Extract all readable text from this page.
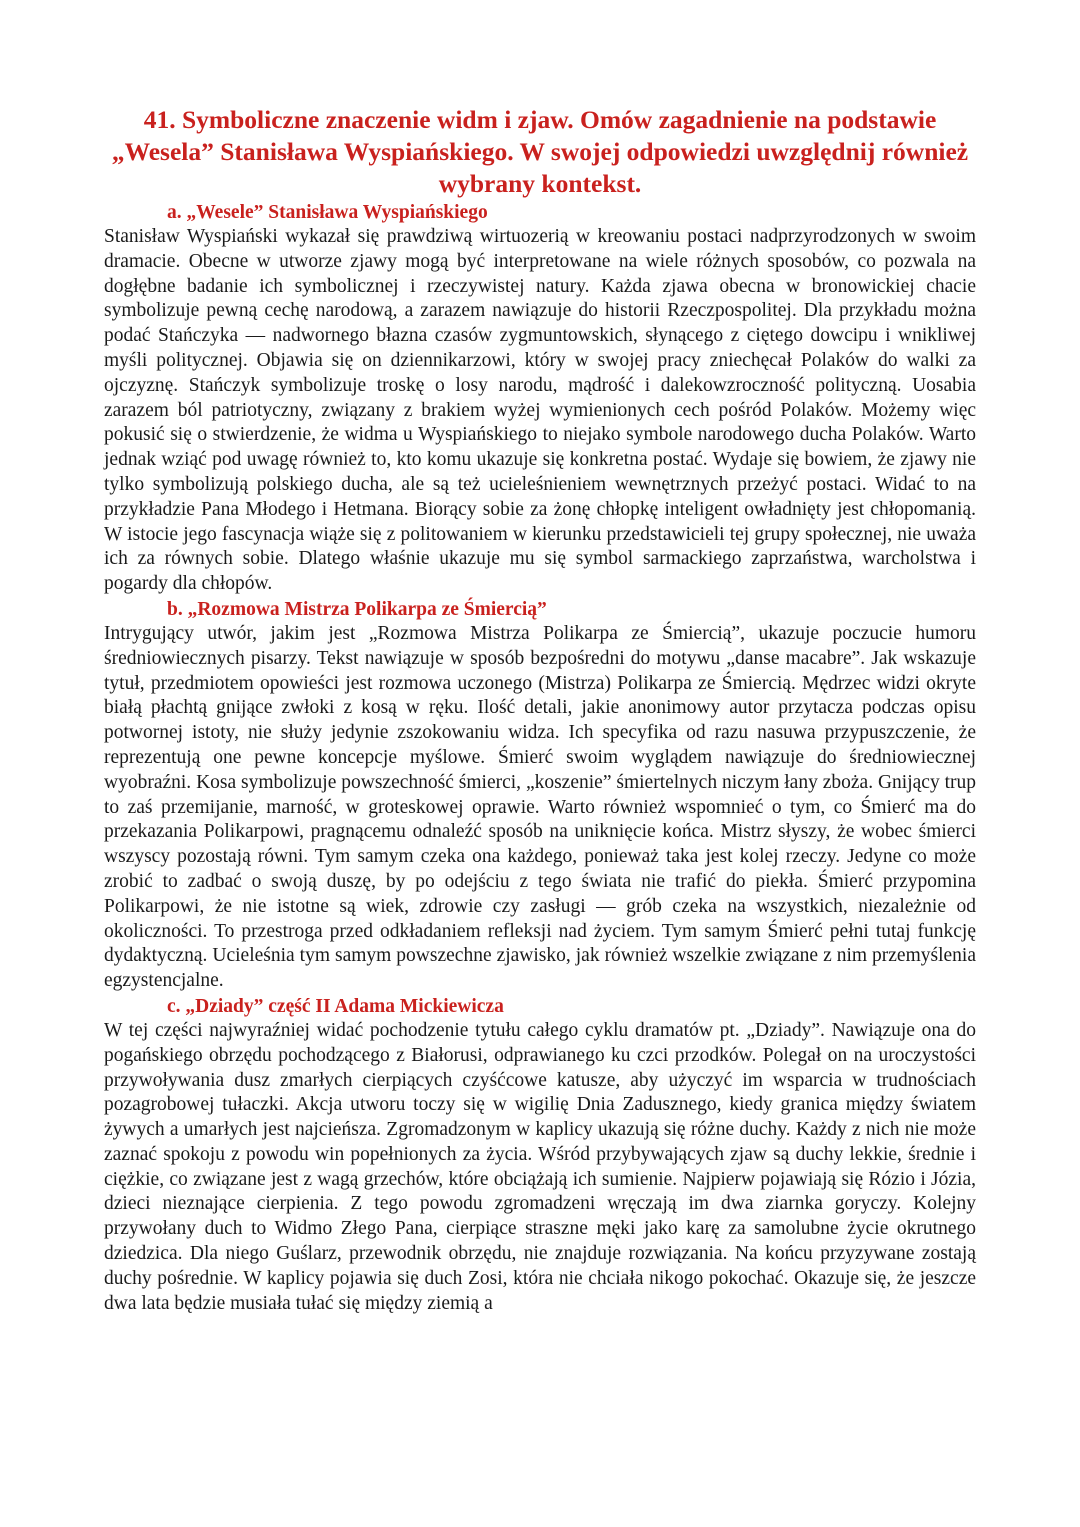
41. Symboliczne znaczenie widm i zjaw. Omów zagadnienie na podstawie „Wesela” Stanisława Wyspiańskiego. W swojej odpowiedzi uwzględnij również wybrany kontekst.
a. „Wesele” Stanisława Wyspiańskiego

Stanisław Wyspiański wykazał się prawdziwą wirtuozerią w kreowaniu postaci nadprzyrodzonych w swoim dramacie. Obecne w utworze zjawy mogą być interpretowane na wiele różnych sposobów, co pozwala na dogłębne badanie ich symbolicznej i rzeczywistej natury. Każda zjawa obecna w bronowickiej chacie symbolizuje pewną cechę narodową, a zarazem nawiązuje do historii Rzeczpospolitej. Dla przykładu można podać Stańczyka — nadwornego błazna czasów zygmuntowskich, słynącego z ciętego dowcipu i wnikliwej myśli politycznej. Objawia się on dziennikarzowi, który w swojej pracy zniechęcał Polaków do walki za ojczyznę. Stańczyk symbolizuje troskę o losy narodu, mądrość i dalekowzroczność polityczną. Uosabia zarazem ból patriotyczny, związany z brakiem wyżej wymienionych cech pośród Polaków. Możemy więc pokusić się o stwierdzenie, że widma u Wyspiańskiego to niejako symbole narodowego ducha Polaków. Warto jednak wziąć pod uwagę również to, kto komu ukazuje się konkretna postać. Wydaje się bowiem, że zjawy nie tylko symbolizują polskiego ducha, ale są też ucieleśnieniem wewnętrznych przeżyć postaci. Widać to na przykładzie Pana Młodego i Hetmana. Biorący sobie za żonę chłopkę inteligent owładnięty jest chłopomanią. W istocie jego fascynacja wiąże się z politowaniem w kierunku przedstawicieli tej grupy społecznej, nie uważa ich za równych sobie. Dlatego właśnie ukazuje mu się symbol sarmackiego zaprzaństwa, warcholstwa i pogardy dla chłopów.

b. „Rozmowa Mistrza Polikarpa ze Śmiercią”

Intrygujący utwór, jakim jest „Rozmowa Mistrza Polikarpa ze Śmiercią”, ukazuje poczucie humoru średniowiecznych pisarzy. Tekst nawiązuje w sposób bezpośredni do motywu „danse macabre”. Jak wskazuje tytuł, przedmiotem opowieści jest rozmowa uczonego (Mistrza) Polikarpa ze Śmiercią. Mędrzec widzi okryte białą płachtą gnijące zwłoki z kosą w ręku. Ilość detali, jakie anonimowy autor przytacza podczas opisu potwornej istoty, nie służy jedynie zszokowaniu widza. Ich specyfika od razu nasuwa przypuszczenie, że reprezentują one pewne koncepcje myślowe. Śmierć swoim wyglądem nawiązuje do średniowiecznej wyobraźni. Kosa symbolizuje powszechność śmierci, „koszenie” śmiertelnych niczym łany zboża. Gnijący trup to zaś przemijanie, marność, w groteskowej oprawie. Warto również wspomnieć o tym, co Śmierć ma do przekazania Polikarpowi, pragnącemu odnaleźć sposób na uniknięcie końca. Mistrz słyszy, że wobec śmierci wszyscy pozostają równi. Tym samym czeka ona każdego, ponieważ taka jest kolej rzeczy. Jedyne co może zrobić to zadbać o swoją duszę, by po odejściu z tego świata nie trafić do piekła. Śmierć przypomina Polikarpowi, że nie istotne są wiek, zdrowie czy zasługi — grób czeka na wszystkich, niezależnie od okoliczności. To przestroga przed odkładaniem refleksji nad życiem. Tym samym Śmierć pełni tutaj funkcję dydaktyczną. Ucieleśnia tym samym powszechne zjawisko, jak również wszelkie związane z nim przemyślenia egzystencjalne.

c. „Dziady” część II Adama Mickiewicza

W tej części najwyraźniej widać pochodzenie tytułu całego cyklu dramatów pt. „Dziady”. Nawiązuje ona do pogańskiego obrzędu pochodzącego z Białorusi, odprawianego ku czci przodków. Polegał on na uroczystości przywoływania dusz zmarłych cierpiących czyśćcowe katusze, aby użyczyć im wsparcia w trudnościach pozagrobowej tułaczki. Akcja utworu toczy się w wigilię Dnia Zadusznego, kiedy granica między światem żywych a umarłych jest najcieńsza. Zgromadzonym w kaplicy ukazują się różne duchy. Każdy z nich nie może zaznać spokoju z powodu win popełnionych za życia. Wśród przybywających zjaw są duchy lekkie, średnie i ciężkie, co związane jest z wagą grzechów, które obciążają ich sumienie. Najpierw pojawiają się Rózio i Józia, dzieci nieznające cierpienia. Z tego powodu zgromadzeni wręczają im dwa ziarnka goryczy. Kolejny przywołany duch to Widmo Złego Pana, cierpiące straszne męki jako karę za samolubne życie okrutnego dziedzica. Dla niego Guślarz, przewodnik obrzędu, nie znajduje rozwiązania. Na końcu przyzywane zostają duchy pośrednie. W kaplicy pojawia się duch Zosi, która nie chciała nikogo pokochać. Okazuje się, że jeszcze dwa lata będzie musiała tułać się między ziemią a
